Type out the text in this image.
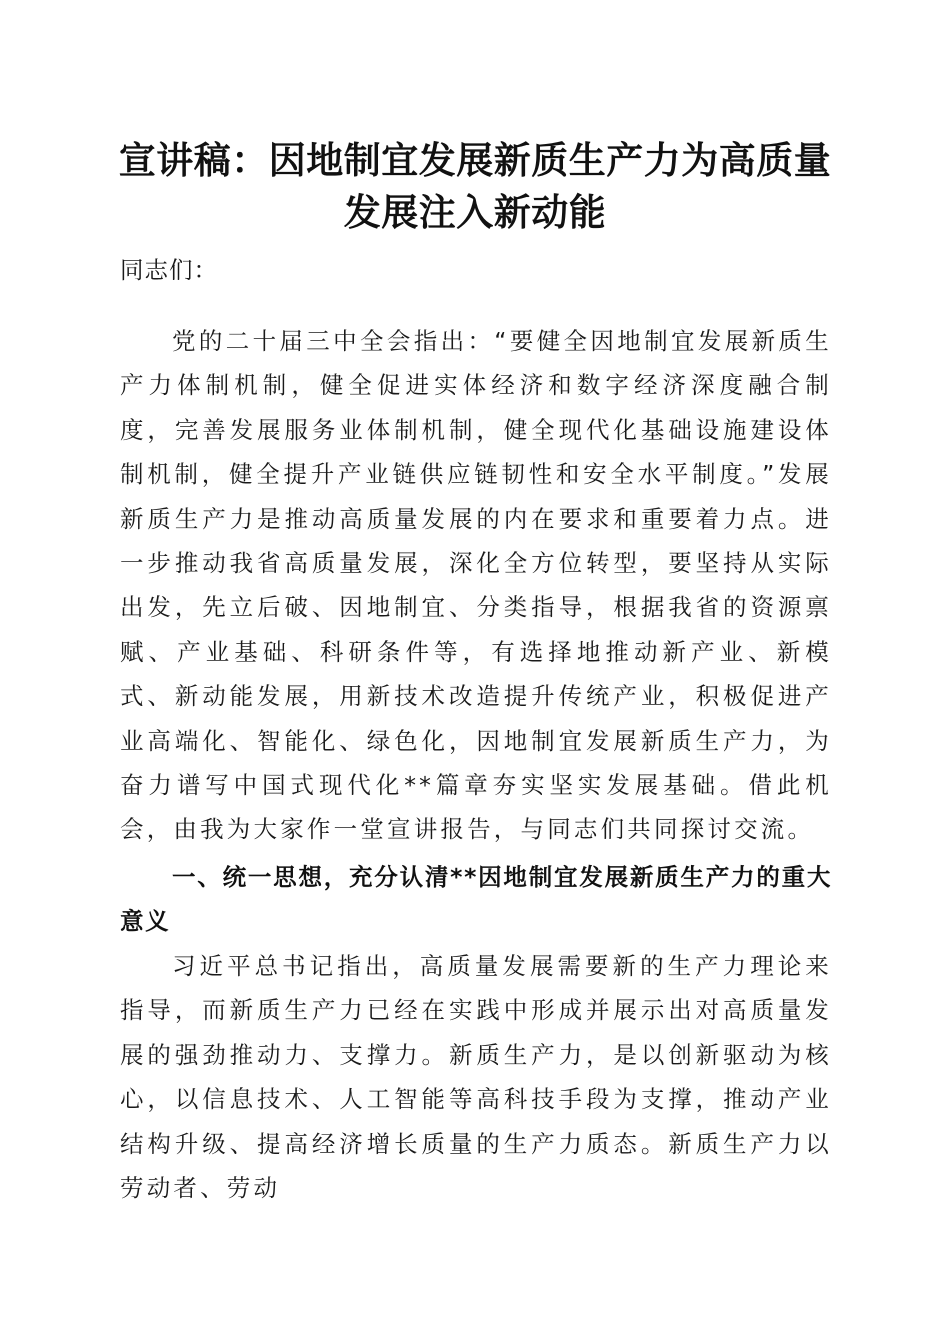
宣讲稿：因地制宜发展新质生产力为高质量发展注入新动能

同志们：

党的二十届三中全会指出：“要健全因地制宜发展新质生产力体制机制，健全促进实体经济和数字经济深度融合制度，完善发展服务业体制机制，健全现代化基础设施建设体制机制，健全提升产业链供应链韧性和安全水平制度。”发展新质生产力是推动高质量发展的内在要求和重要着力点。进一步推动我省高质量发展，深化全方位转型，要坚持从实际出发，先立后破、因地制宜、分类指导，根据我省的资源禀赋、产业基础、科研条件等，有选择地推动新产业、新模式、新动能发展，用新技术改造提升传统产业，积极促进产业高端化、智能化、绿色化，因地制宜发展新质生产力，为奋力谱写中国式现代化**篇章夯实坚实发展基础。借此机会，由我为大家作一堂宣讲报告，与同志们共同探讨交流。

一、统一思想，充分认清**因地制宜发展新质生产力的重大意义

习近平总书记指出，高质量发展需要新的生产力理论来指导，而新质生产力已经在实践中形成并展示出对高质量发展的强劲推动力、支撑力。新质生产力，是以创新驱动为核心，以信息技术、人工智能等高科技手段为支撑，推动产业结构升级、提高经济增长质量的生产力质态。新质生产力以劳动者、劳动
